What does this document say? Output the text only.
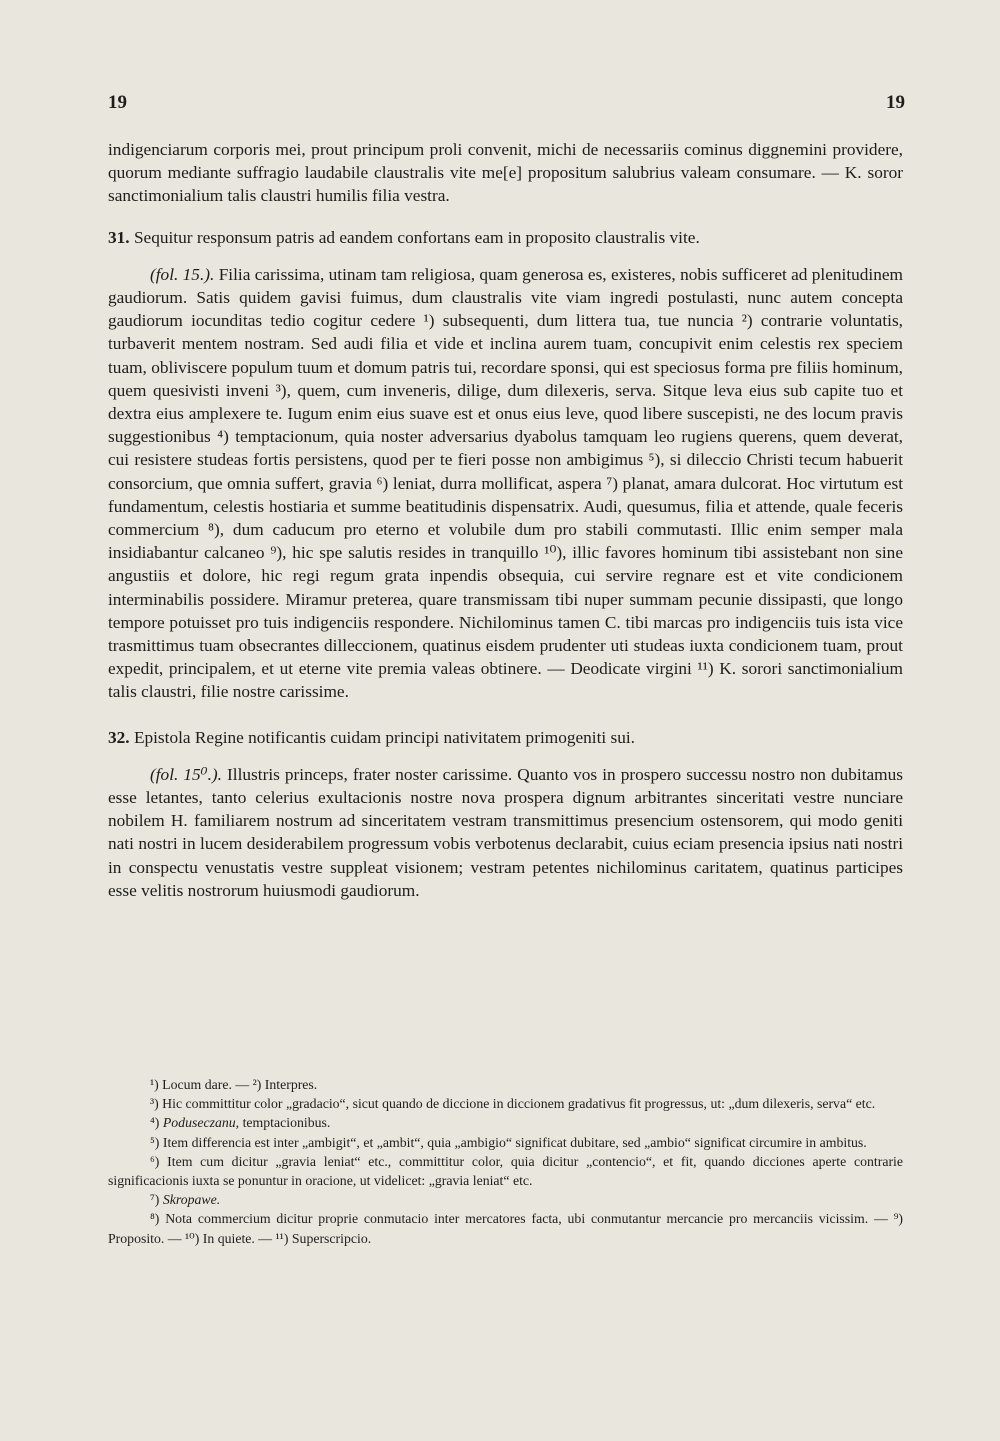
19	19

indigenciarum corporis mei, prout principum proli convenit, michi de necessariis cominus diggnemini providere, quorum mediante suffragio laudabile claustralis vite me[e] propositum salubrius valeam consumare. — K. soror sanctimonialium talis claustri humilis filia vestra.

31. Sequitur responsum patris ad eandem confortans eam in proposito claustralis vite.

(fol. 15.). Filia carissima, utinam tam religiosa, quam generosa es, existeres, nobis sufficeret ad plenitudinem gaudiorum. Satis quidem gavisi fuimus, dum claustralis vite viam ingredi postulasti, nunc autem concepta gaudiorum iocunditas tedio cogitur cedere ¹) subsequenti, dum littera tua, tue nuncia ²) contrarie voluntatis, turbaverit mentem nostram. Sed audi filia et vide et inclina aurem tuam, concupivit enim celestis rex speciem tuam, obliviscere populum tuum et domum patris tui, recordare sponsi, qui est speciosus forma pre filiis hominum, quem quesivisti inveni ³), quem, cum inveneris, dilige, dum dilexeris, serva. Sitque leva eius sub capite tuo et dextra eius amplexere te. Iugum enim eius suave est et onus eius leve, quod libere suscepisti, ne des locum pravis suggestionibus ⁴) temptacionum, quia noster adversarius dyabolus tamquam leo rugiens querens, quem deverat, cui resistere studeas fortis persistens, quod per te fieri posse non ambigimus ⁵), si dileccio Christi tecum habuerit consorcium, que omnia suffert, gravia ⁶) leniat, durra mollificat, aspera ⁷) planat, amara dulcorat. Hoc virtutum est fundamentum, celestis hostiaria et summe beatitudinis dispensatrix. Audi, quesumus, filia et attende, quale feceris commercium ⁸), dum caducum pro eterno et volubile dum pro stabili commutasti. Illic enim semper mala insidiabantur calcaneo ⁹), hic spe salutis resides in tranquillo ¹⁰), illic favores hominum tibi assistebant non sine angustiis et dolore, hic regi regum grata inpendis obsequia, cui servire regnare est et vite condicionem interminabilis possidere. Miramur preterea, quare transmissam tibi nuper summam pecunie dissipasti, que longo tempore potuisset pro tuis indigenciis respondere. Nichilominus tamen C. tibi marcas pro indigenciis tuis ista vice trasmittimus tuam obsecrantes dilleccionem, quatinus eisdem prudenter uti studeas iuxta condicionem tuam, prout expedit, principalem, et ut eterne vite premia valeas obtinere. — Deodicate virgini ¹¹) K. sorori sanctimonialium talis claustri, filie nostre carissime.

32. Epistola Regine notificantis cuidam principi nativitatem primogeniti sui.

(fol. 15⁰.). Illustris princeps, frater noster carissime. Quanto vos in prospero successu nostro non dubitamus esse letantes, tanto celerius exultacionis nostre nova prospera dignum arbitrantes sinceritati vestre nunciare nobilem H. familiarem nostrum ad sinceritatem vestram transmittimus presencium ostensorem, qui modo geniti nati nostri in lucem desiderabilem progressum vobis verbotenus declarabit, cuius eciam presencia ipsius nati nostri in conspectu venustatis vestre suppleat visionem; vestram petentes nichilominus caritatem, quatinus participes esse velitis nostrorum huiusmodi gaudiorum.

¹) Locum dare. — ²) Interpres.

³) Hic committitur color „gradacio“, sicut quando de diccione in diccionem gradativus fit progressus, ut: „dum dilexeris, serva“ etc.

⁴) Poduseczanu, temptacionibus.

⁵) Item differencia est inter „ambigit“, et „ambit“, quia „ambigio“ significat dubitare, sed „ambio“ significat circumire in ambitus.

⁶) Item cum dicitur „gravia leniat“ etc., committitur color, quia dicitur „contencio“, et fit, quando dicciones aperte contrarie significacionis iuxta se ponuntur in oracione, ut videlicet: „gravia leniat“ etc.

⁷) Skropawe.

⁸) Nota commercium dicitur proprie conmutacio inter mercatores facta, ubi conmutantur mercancie pro mercanciis vicissim. — ⁹) Proposito. — ¹⁰) In quiete. — ¹¹) Superscripcio.
